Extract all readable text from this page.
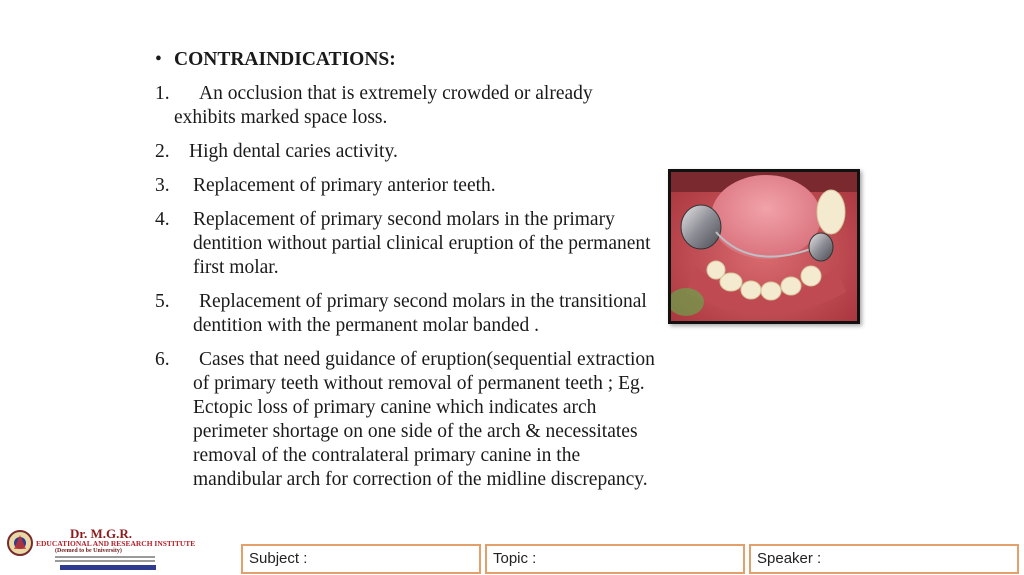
• CONTRAINDICATIONS:
1. An occlusion that is extremely crowded or already
exhibits marked space loss.
2. High dental caries activity.
3.	Replacement of primary anterior teeth.
4.	Replacement of primary second molars in the primary dentition without partial clinical eruption of the permanent first molar.
5.	Replacement of primary second molars in the transitional dentition with the permanent molar banded .
6.	Cases that need guidance of eruption(sequential extraction of primary teeth without removal of permanent teeth ; Eg. Ectopic loss of primary canine which indicates arch perimeter shortage on one side of the arch & necessitates removal of the contralateral primary canine in the mandibular arch for correction of the midline discrepancy.
Dr. M.G.R.
EDUCATIONAL AND RESEARCH INSTITUTE
(Deemed to be University)	Subject :	Topic :	Speaker :
